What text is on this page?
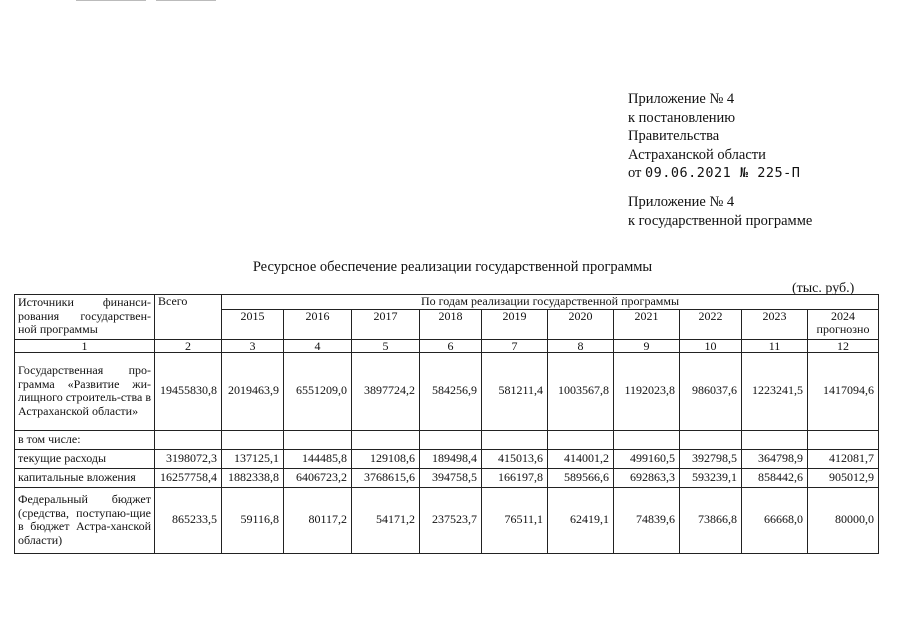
Приложение № 4
к постановлению
Правительства
Астраханской области
от 09.06.2021 № 225-П
Приложение № 4
к государственной программе
Ресурсное обеспечение реализации государственной программы
(тыс. руб.)
Источники финанси-рования государствен-ной программы	Всего	По годам реализации государственной программы									
		2015	2016	2017	2018	2019	2020	2021	2022	2023	2024
прогнозно

1	2	3	4	5	6	7	8	9	10	11	12
Государственная про-грамма «Развитие жи-лищного строитель-ства в Астраханской области»	19455830,8	2019463,9	6551209,0	3897724,2	584256,9	581211,4	1003567,8	1192023,8	986037,6	1223241,5	1417094,6
в том числе:											
текущие расходы	3198072,3	137125,1	144485,8	129108,6	189498,4	415013,6	414001,2	499160,5	392798,5	364798,9	412081,7
капитальные вложения	16257758,4	1882338,8	6406723,2	3768615,6	394758,5	166197,8	589566,6	692863,3	593239,1	858442,6	905012,9
Федеральный бюджет (средства, поступаю-щие в бюджет Астра-ханской области)	865233,5	59116,8	80117,2	54171,2	237523,7	76511,1	62419,1	74839,6	73866,8	66668,0	80000,0
